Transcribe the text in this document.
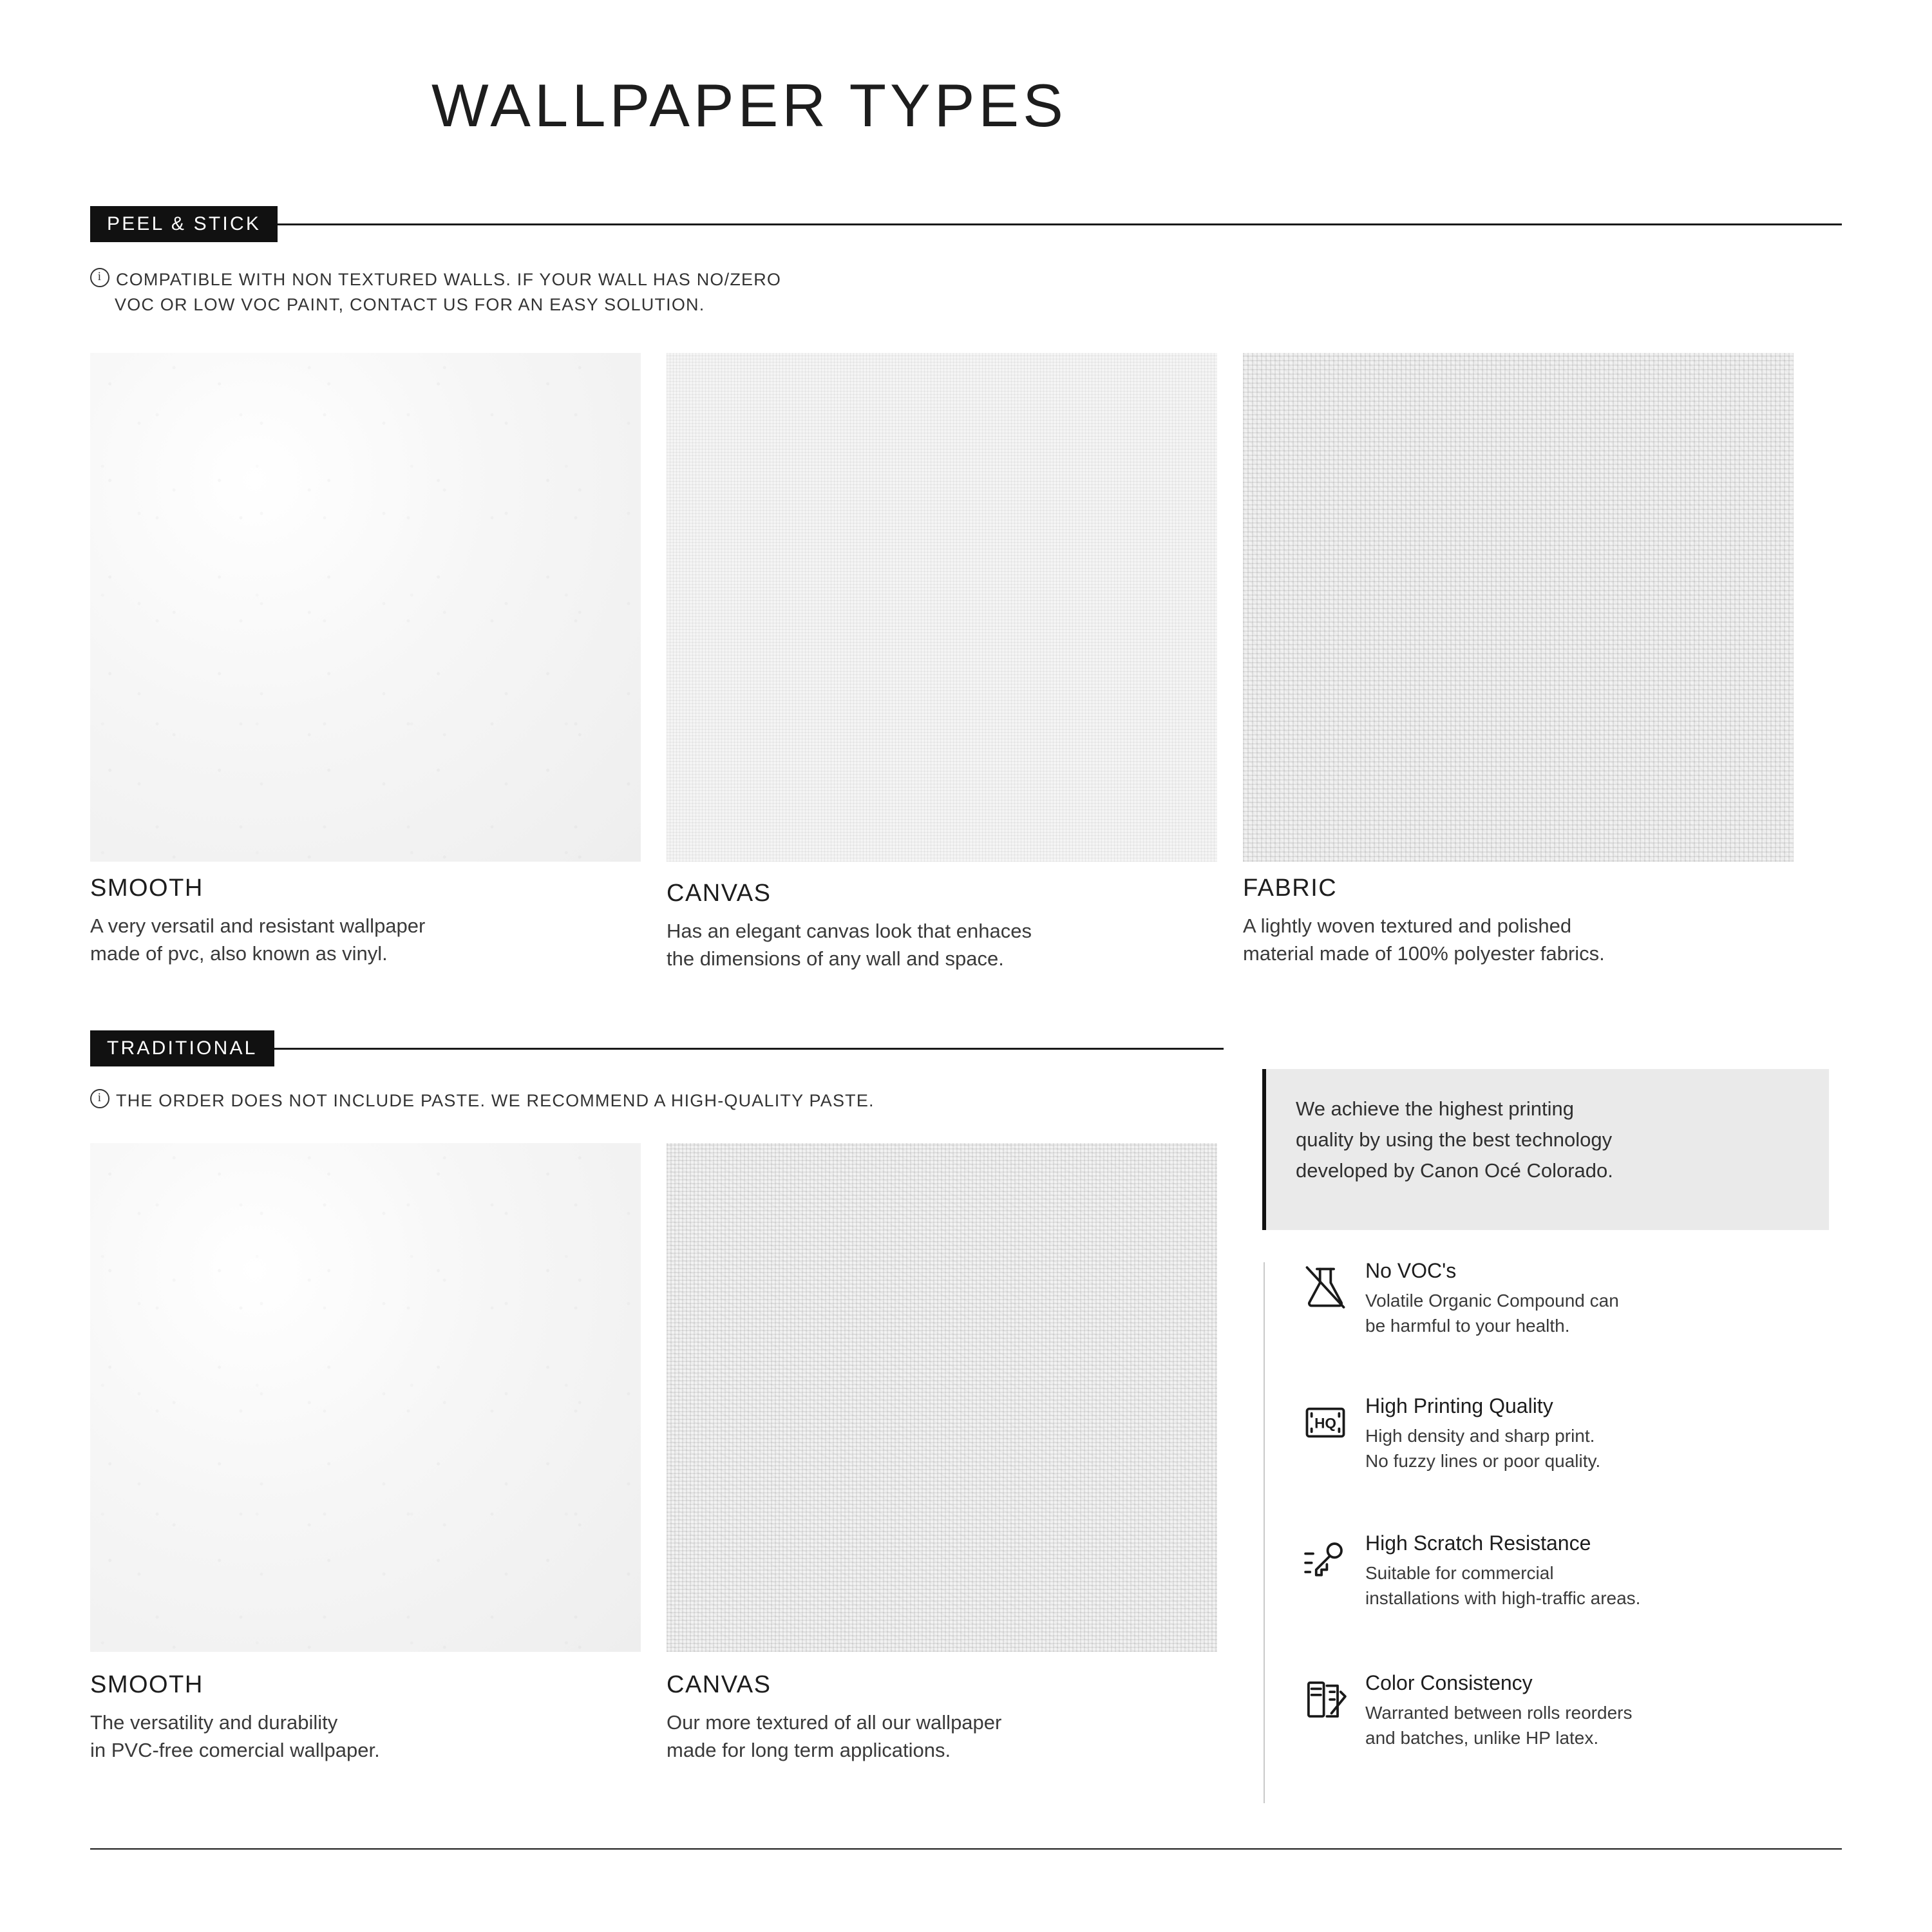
WALLPAPER TYPES
PEEL & STICK
iCOMPATIBLE WITH NON TEXTURED WALLS. IF YOUR WALL HAS NO/ZERO
VOC OR LOW VOC PAINT, CONTACT US FOR AN EASY SOLUTION.
SMOOTH
A very versatil and resistant wallpaper
made of pvc, also known as vinyl.
CANVAS
Has an elegant canvas look that enhaces
the dimensions of any wall and space.
FABRIC
A lightly woven textured and polished
material made of 100% polyester fabrics.
TRADITIONAL
iTHE ORDER DOES NOT INCLUDE PASTE. WE RECOMMEND A HIGH-QUALITY PASTE.
SMOOTH
The versatility and durability
in PVC-free comercial wallpaper.
CANVAS
Our more textured of all our wallpaper
made for long term applications.

We achieve the highest printing

quality by using the best technology

developed by Canon Océ Colorado.

No VOC's
Volatile Organic Compound can
be harmful to your health.
HQ
High Printing Quality
High density and sharp print.
No fuzzy lines or poor quality.
High Scratch Resistance
Suitable for commercial
installations with high-traffic areas.
Color Consistency
Warranted between rolls reorders
and batches, unlike HP latex.
